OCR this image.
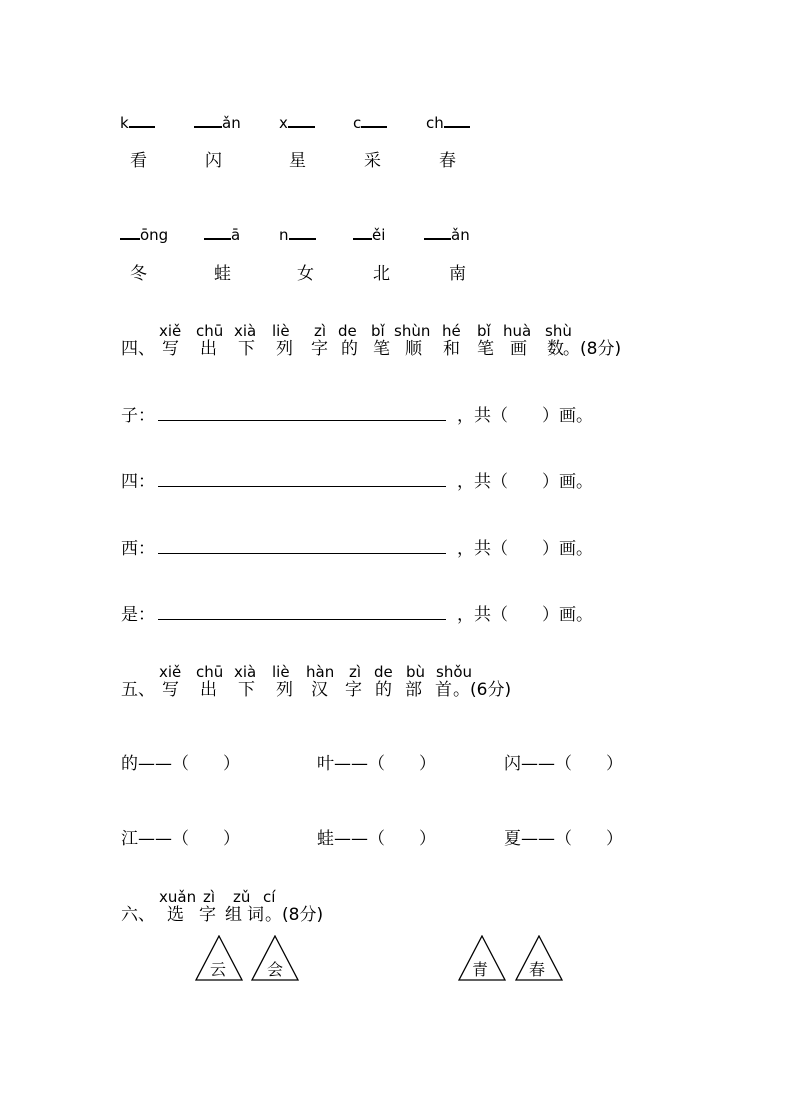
k	ǎn	x	c	ch
看	闪	星	采	春
ōng	ā	n	ěi	ǎn
冬	蛙	女	北	南
xiě chū xià liè zì de bǐ shùn hé bǐ huà shù
四、 写 出 下 列 字 的 笔 顺 和 笔 画 数 。(8分)
子：	，共（　　）画。
四：	，共（　　）画。
西：	，共（　　）画。
是：	，共（　　）画。
xiě chū xià liè hàn zì de bù shǒu
五、 写 出 下 列 汉 字 的 部 首 。(6分)
的——（　　）	叶——（　　）	闪——（　　）
江——（　　）	蛙——（　　）	夏——（　　）
xuǎn zì zǔ cí
六、 选 字 组 词 。(8分)
云	会	青	春
